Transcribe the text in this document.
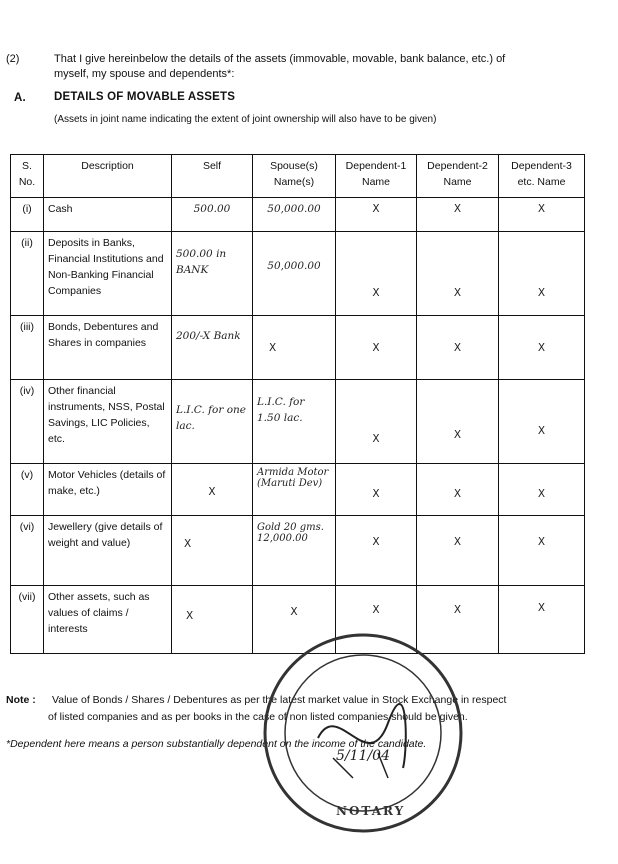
(2)	That I give hereinbelow the details of the assets (immovable, movable, bank balance, etc.) of
myself, my spouse and dependents*:
A. DETAILS OF MOVABLE ASSETS
(Assets in joint name indicating the extent of joint ownership will also have to be given)
S. No.	Description	Self	Spouse(s) Name(s)	Dependent-1 Name	Dependent-2 Name	Dependent-3 etc. Name
(i)	Cash	500.00	50,000.00	X	X	X
(ii)	Deposits in Banks, Financial Institutions and Non-Banking Financial Companies	500.00 in BANK	50,000.00	X	X	X
(iii)	Bonds, Debentures and Shares in companies	200/-X Bank	X	X	X	X
(iv)	Other financial instruments, NSS, Postal Savings, LIC Policies, etc.	L.I.C. for one lac.	L.I.C. for 1.50 lac.	X	X	X
(v)	Motor Vehicles (details of make, etc.)	X	Armida Motor (Maruti Dev)	X	X	X
(vi)	Jewellery (give details of weight and value)	X	Gold 20 gms. 12,000.00	X	X	X
(vii)	Other assets, such as values of claims / interests	X	X	X	X	X
Note : Value of Bonds / Shares / Debentures as per the latest market value in Stock Exchange in respect
of listed companies and as per books in the case of non listed companies should be given.
*Dependent here means a person substantially dependent on the income of the candidate.
NOTARY
5/11/04
